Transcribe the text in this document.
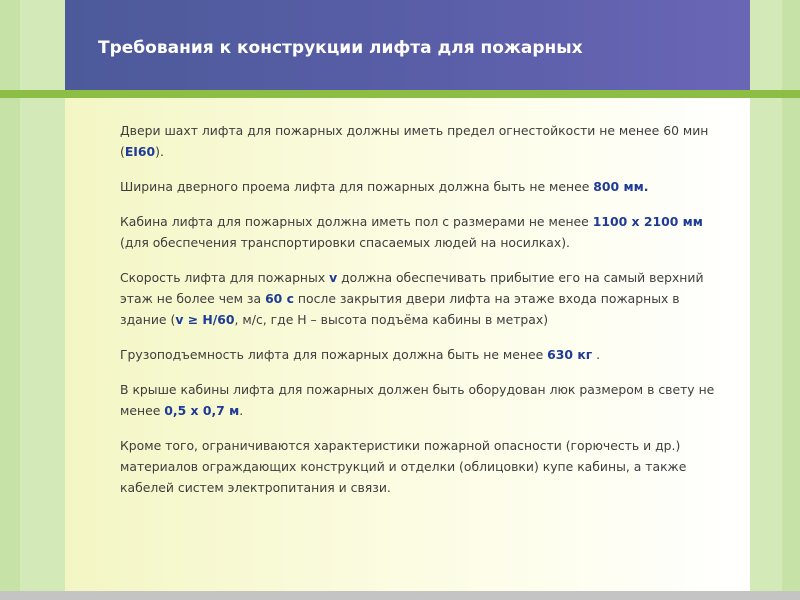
Требования к конструкции лифта для пожарных

Двери шахт лифта для пожарных должны иметь предел огнестойкости не менее 60 мин (EI60).

Ширина дверного проема лифта для пожарных должна быть не менее 800 мм.

Кабина лифта для пожарных должна иметь пол с размерами не менее 1100 х 2100 мм (для обеспечения транспортировки спасаемых людей на носилках).

Скорость лифта для пожарных v должна обеспечивать прибытие его на самый верхний этаж не более чем за 60 с после закрытия двери лифта на этаже входа пожарных в здание (v ≥ H/60, м/с, где Н – высота подъёма кабины в метрах)

Грузоподъемность лифта для пожарных должна быть не менее 630 кг .

В крыше кабины лифта для пожарных должен быть оборудован люк размером в свету не менее 0,5 х 0,7 м.

Кроме того, ограничиваются характеристики пожарной опасности (горючесть и др.) материалов ограждающих конструкций и отделки (облицовки) купе кабины, а также кабелей систем электропитания и связи.
